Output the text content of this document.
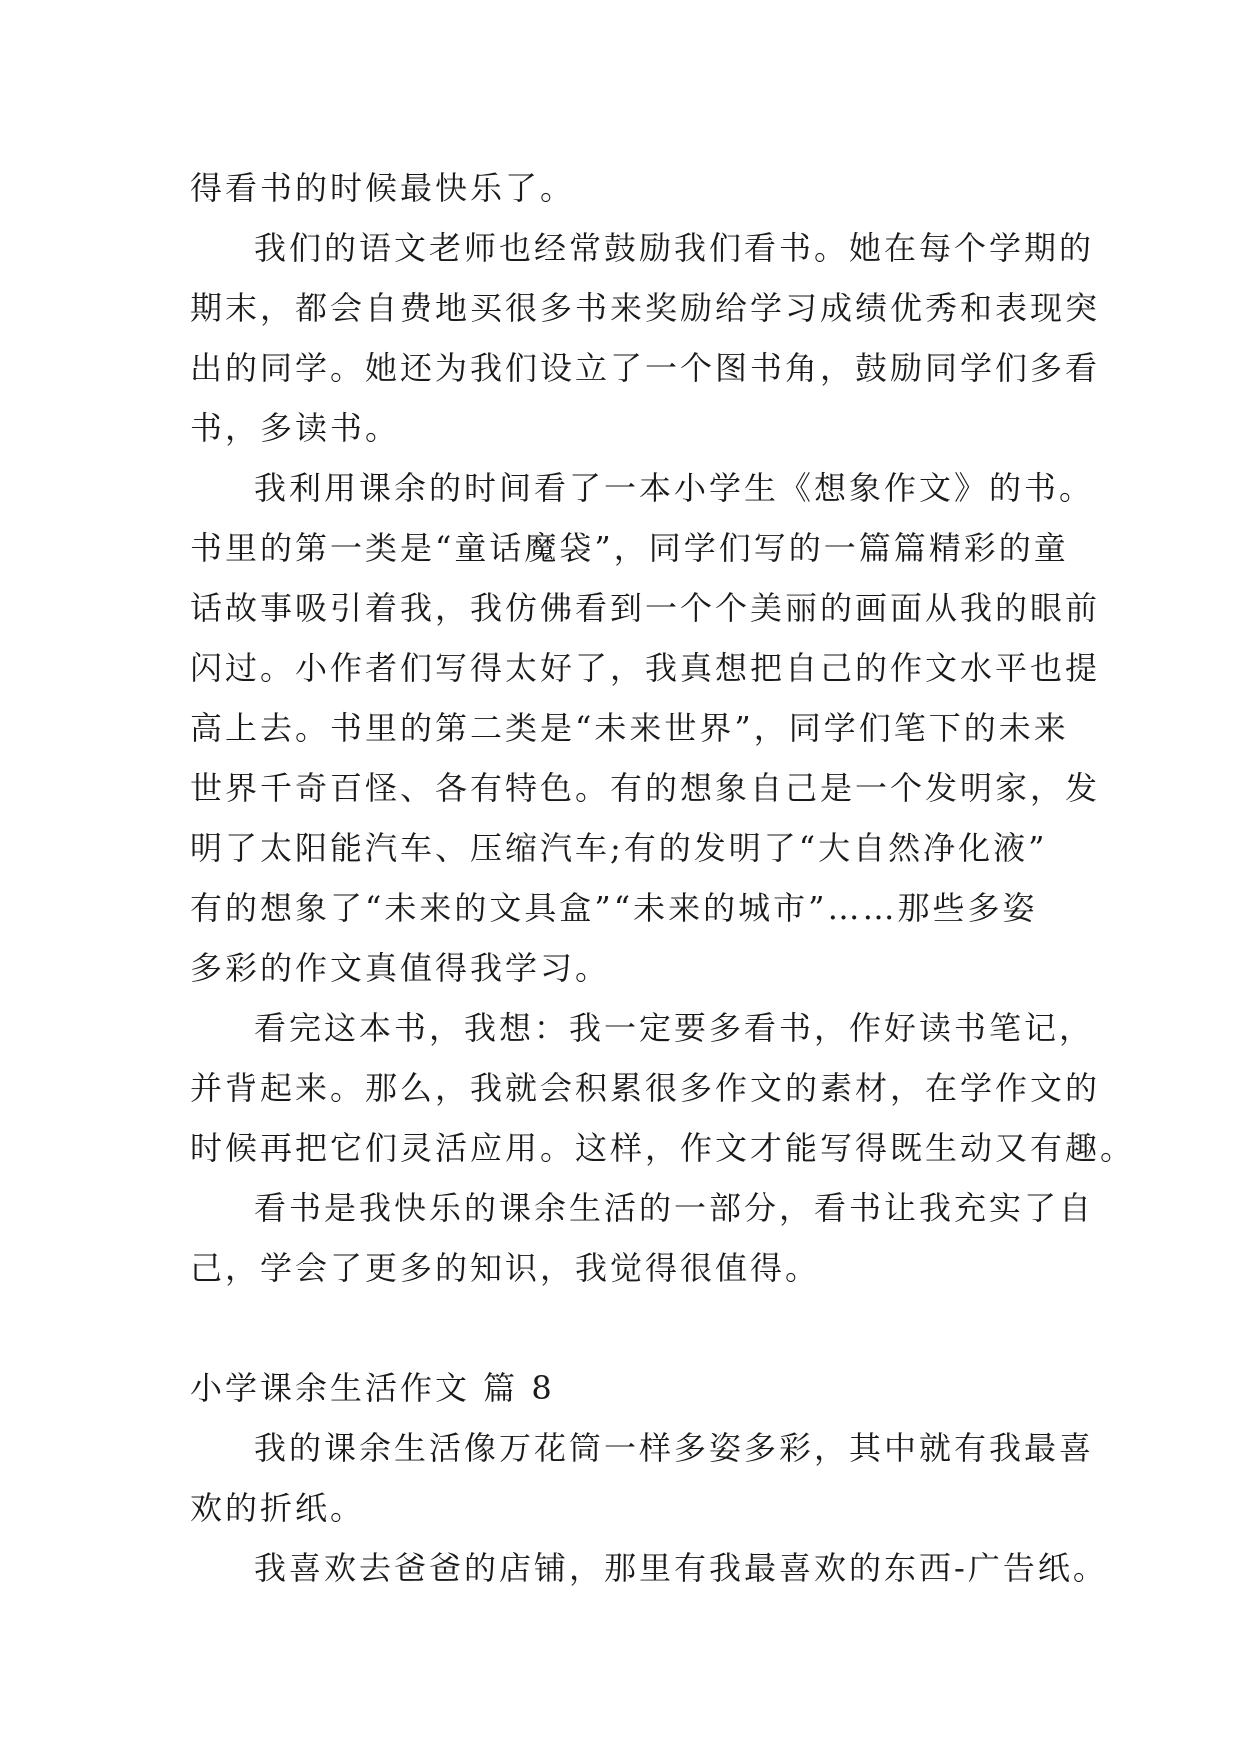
得看书的时候最快乐了。
我们的语文老师也经常鼓励我们看书。她在每个学期的
期末，都会自费地买很多书来奖励给学习成绩优秀和表现突
出的同学。她还为我们设立了一个图书角，鼓励同学们多看
书，多读书。
我利用课余的时间看了一本小学生《想象作文》的书。
书里的第一类是“童话魔袋”，同学们写的一篇篇精彩的童
话故事吸引着我，我仿佛看到一个个美丽的画面从我的眼前
闪过。小作者们写得太好了，我真想把自己的作文水平也提
高上去。书里的第二类是“未来世界”，同学们笔下的未来
世界千奇百怪、各有特色。有的想象自己是一个发明家，发
明了太阳能汽车、压缩汽车;有的发明了“大自然净化液”
有的想象了“未来的文具盒”“未来的城市”……那些多姿
多彩的作文真值得我学习。
看完这本书，我想：我一定要多看书，作好读书笔记，
并背起来。那么，我就会积累很多作文的素材，在学作文的
时候再把它们灵活应用。这样，作文才能写得既生动又有趣。
看书是我快乐的课余生活的一部分，看书让我充实了自
己，学会了更多的知识，我觉得很值得。
小学课余生活作文 篇 8
我的课余生活像万花筒一样多姿多彩，其中就有我最喜
欢的折纸。
我喜欢去爸爸的店铺，那里有我最喜欢的东西-广告纸。
